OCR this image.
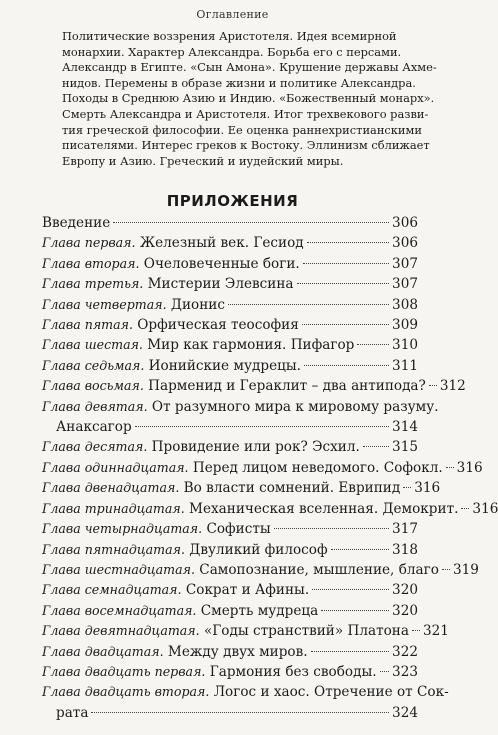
Оглавление
Политические воззрения Аристотеля. Идея всемирной
монархии. Характер Александра. Борьба его с персами.
Александр в Египте. «Сын Амона». Крушение державы Ахме-
нидов. Перемены в образе жизни и политике Александра.
Походы в Среднюю Азию и Индию. «Божественный монарх».
Смерть Александра и Аристотеля. Итог трехвекового разви-
тия греческой философии. Ее оценка раннехристианскими
писателями. Интерес греков к Востоку. Эллинизм сближает
Европу и Азию. Греческий и иудейский миры.
ПРИЛОЖЕНИЯ
Введение	306
Глава первая. Железный век. Гесиод	306
Глава вторая. Очеловеченные боги.	307
Глава третья. Мистерии Элевсина	307
Глава четвертая. Дионис	308
Глава пятая. Орфическая теософия	309
Глава шестая. Мир как гармония. Пифагор	310
Глава седьмая. Ионийские мудрецы.	311
Глава восьмая. Парменид и Гераклит – два антипода? 312
Глава девятая. От разумного мира к мировому разуму.
Анаксагор	314
Глава десятая. Провидение или рок? Эсхил. 315
Глава одиннадцатая. Перед лицом неведомого. Софокл. 316
Глава двенадцатая. Во власти сомнений. Еврипид 316
Глава тринадцатая. Механическая вселенная. Демокрит. 316
Глава четырнадцатая. Софисты	317
Глава пятнадцатая. Двуликий философ	318
Глава шестнадцатая. Самопознание, мышление, благо 319
Глава семнадцатая. Сократ и Афины.	320
Глава восемнадцатая. Смерть мудреца	320
Глава девятнадцатая. «Годы странствий» Платона 321
Глава двадцатая. Между двух миров.	322
Глава двадцать первая. Гармония без свободы. 323
Глава двадцать вторая. Логос и хаос. Отречение от Сок-
рата	324
